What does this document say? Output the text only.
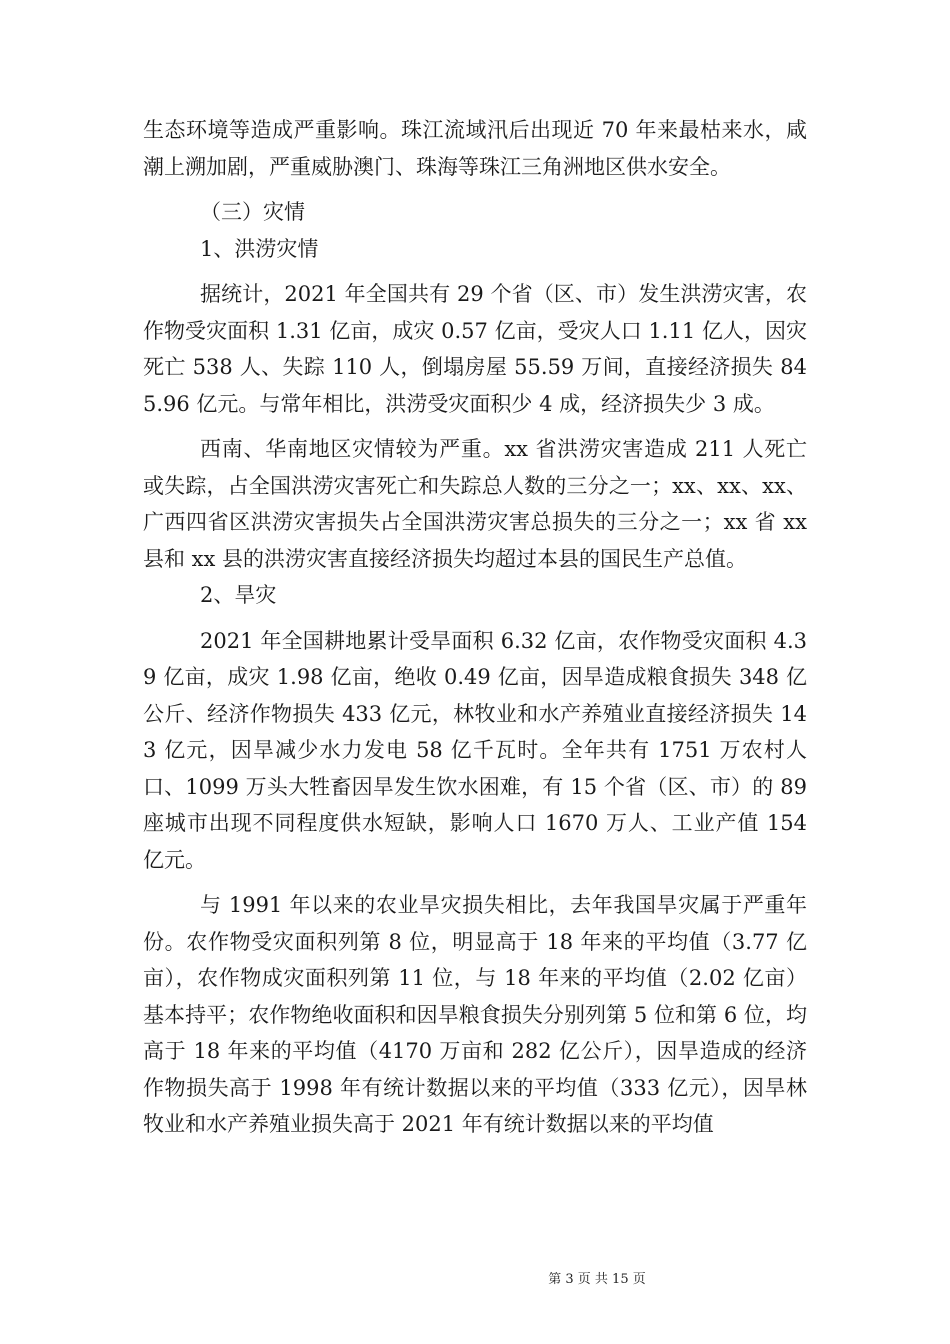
生态环境等造成严重影响。珠江流域汛后出现近 70 年来最枯来水，咸潮上溯加剧，严重威胁澳门、珠海等珠江三角洲地区供水安全。

（三）灾情

1、洪涝灾情

据统计，2021 年全国共有 29 个省（区、市）发生洪涝灾害，农作物受灾面积 1.31 亿亩，成灾 0.57 亿亩，受灾人口 1.11 亿人，因灾死亡 538 人、失踪 110 人，倒塌房屋 55.59 万间，直接经济损失 845.96 亿元。与常年相比，洪涝受灾面积少 4 成，经济损失少 3 成。

西南、华南地区灾情较为严重。xx 省洪涝灾害造成 211 人死亡或失踪，占全国洪涝灾害死亡和失踪总人数的三分之一；xx、xx、xx、广西四省区洪涝灾害损失占全国洪涝灾害总损失的三分之一；xx 省 xx 县和 xx 县的洪涝灾害直接经济损失均超过本县的国民生产总值。

2、旱灾

2021 年全国耕地累计受旱面积 6.32 亿亩，农作物受灾面积 4.39 亿亩，成灾 1.98 亿亩，绝收 0.49 亿亩，因旱造成粮食损失 348 亿公斤、经济作物损失 433 亿元，林牧业和水产养殖业直接经济损失 143 亿元，因旱减少水力发电 58 亿千瓦时。全年共有 1751 万农村人口、1099 万头大牲畜因旱发生饮水困难，有 15 个省（区、市）的 89 座城市出现不同程度供水短缺，影响人口 1670 万人、工业产值 154 亿元。

与 1991 年以来的农业旱灾损失相比，去年我国旱灾属于严重年份。农作物受灾面积列第 8 位，明显高于 18 年来的平均值（3.77 亿亩），农作物成灾面积列第 11 位，与 18 年来的平均值（2.02 亿亩）基本持平；农作物绝收面积和因旱粮食损失分别列第 5 位和第 6 位，均高于 18 年来的平均值（4170 万亩和 282 亿公斤），因旱造成的经济作物损失高于 1998 年有统计数据以来的平均值（333 亿元），因旱林牧业和水产养殖业损失高于 2021 年有统计数据以来的平均值

第 3 页 共 15 页
